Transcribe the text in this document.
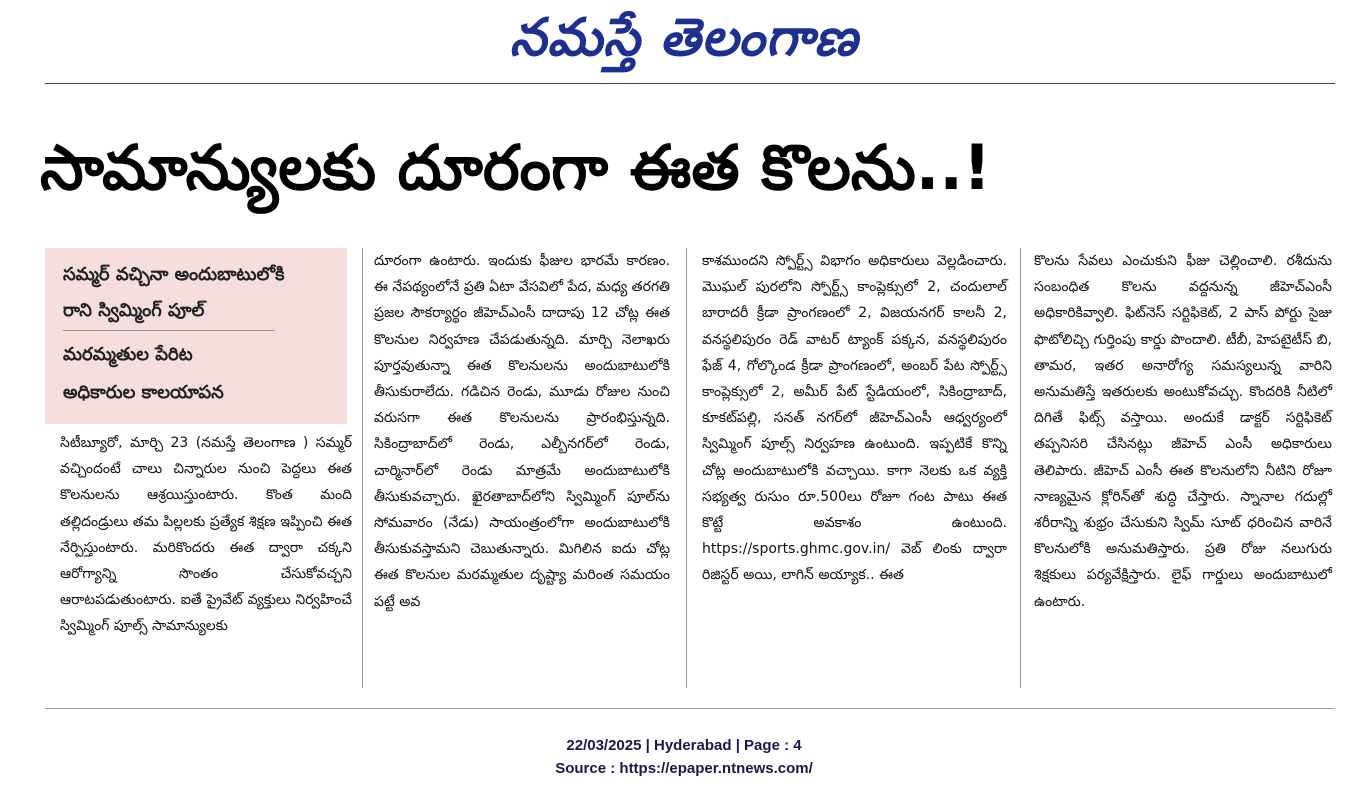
నమస్తే తెలంగాణ
సామాన్యులకు దూరంగా ఈత కొలను..!
సమ్మర్ వచ్చినా అందుబాటులోకి
రాని స్విమ్మింగ్ పూల్
మరమ్మతుల పేరిట
అధికారుల కాలయాపన

సిటీబ్యూరో, మార్చి 23 (నమస్తే తెలంగాణ ) సమ్మర్ వచ్చిందంటే చాలు చిన్నారుల నుంచి పెద్దలు ఈత కొలనులను ఆశ్రయిస్తుంటారు. కొంత మంది తల్లిదండ్రులు తమ పిల్లలకు ప్రత్యేక శిక్షణ ఇప్పించి ఈత నేర్పిస్తుంటారు. మరికొందరు ఈత ద్వారా చక్కని ఆరోగ్యాన్ని సొంతం చేసుకోవచ్చని ఆరాటపడుతుంటారు. ఐతే ప్రైవేట్ వ్యక్తులు నిర్వహించే స్విమ్మింగ్ పూల్స్ సామాన్యులకు

దూరంగా ఉంటారు. ఇందుకు ఫీజుల భారమే కారణం. ఈ నేపథ్యంలోనే ప్రతి ఏటా వేసవిలో పేద, మధ్య తరగతి ప్రజల సౌకర్యార్థం జీహెచ్ఎంసీ దాదాపు 12 చోట్ల ఈత కొలనుల నిర్వహణ చేపడుతున్నది. మార్చి నెలాఖరు పూర్తవుతున్నా ఈత కొలనులను అందుబాటులోకి తీసుకురాలేదు. గడిచిన రెండు, మూడు రోజుల నుంచి వరుసగా ఈత కొలనులను ప్రారంభిస్తున్నది. సికింద్రాబాద్‌లో రెండు, ఎల్బీనగర్‌లో రెండు, చార్మినార్‌లో రెండు మాత్రమే అందుబాటులోకి తీసుకువచ్చారు. ఖైరతాబాద్‌లోని స్విమ్మింగ్ పూల్‌ను సోమవారం (నేడు) సాయంత్రంలోగా అందుబాటులోకి తీసుకువస్తామని చెబుతున్నారు. మిగిలిన ఐదు చోట్ల ఈత కొలనుల మరమ్మతుల దృష్ట్యా మరింత సమయం పట్టే అవ

కాశముందని స్పోర్ట్స్ విభాగం అధికారులు వెల్లడించారు. మొఘల్ పురలోని స్పోర్ట్స్ కాంప్లెక్సులో 2, చందులాల్ బారాదరీ క్రీడా ప్రాంగణంలో 2, విజయనగర్ కాలనీ 2, వనస్థలిపురం రెడ్ వాటర్ ట్యాంక్ పక్కన, వనస్థలిపురం ఫేజ్ 4, గోల్కొండ క్రీడా ప్రాంగణంలో, అంబర్ పేట స్పోర్ట్స్ కాంప్లెక్సులో 2, అమీర్ పేట్ స్టేడియంలో, సికింద్రాబాద్, కూకట్‌పల్లి, సనత్ నగర్‌లో జీహెచ్ఎంసీ ఆధ్వర్యంలో స్విమ్మింగ్ పూల్స్ నిర్వహణ ఉంటుంది. ఇప్పటికే కొన్ని చోట్ల అందుబాటులోకి వచ్చాయి. కాగా నెలకు ఒక వ్యక్తి సభ్యత్వ రుసుం రూ.500లు రోజూ గంట పాటు ఈత కొట్టే అవకాశం ఉంటుంది. https://sports.ghmc.gov.in/ వెబ్ లింకు ద్వారా రిజిస్టర్ అయి, లాగిన్ అయ్యాక.. ఈత

కొలను సేవలు ఎంచుకుని ఫీజు చెల్లించాలి. రశీదును సంబంధిత కొలను వద్దనున్న జీహెచ్ఎంసీ అధికారికివ్వాలి. ఫిట్‌నెస్ సర్టిఫికెట్, 2 పాస్ పోర్టు సైజు ఫొటోలిచ్చి గుర్తింపు కార్డు పొందాలి. టీబీ, హెపటైటీస్ బి, తామర, ఇతర అనారోగ్య సమస్యలున్న వారిని అనుమతిస్తే ఇతరులకు అంటుకోవచ్చు. కొందరికి నీటిలో దిగితే ఫిట్స్ వస్తాయి. అందుకే డాక్టర్ సర్టిఫికెట్ తప్పనిసరి చేసినట్లు జీహెచ్ ఎంసీ అధికారులు తెలిపారు. జీహెచ్ ఎంసీ ఈత కొలనులోని నీటిని రోజూ నాణ్యమైన క్లోరిన్‌తో శుద్ధి చేస్తారు. స్నానాల గదుల్లో శరీరాన్ని శుభ్రం చేసుకుని స్విమ్ సూట్ ధరించిన వారినే కొలనులోకి అనుమతిస్తారు. ప్రతి రోజు నలుగురు శిక్షకులు పర్యవేక్షిస్తారు. లైఫ్ గార్డులు అందుబాటులో ఉంటారు.

22/03/2025 | Hyderabad | Page : 4
Source : https://epaper.ntnews.com/
